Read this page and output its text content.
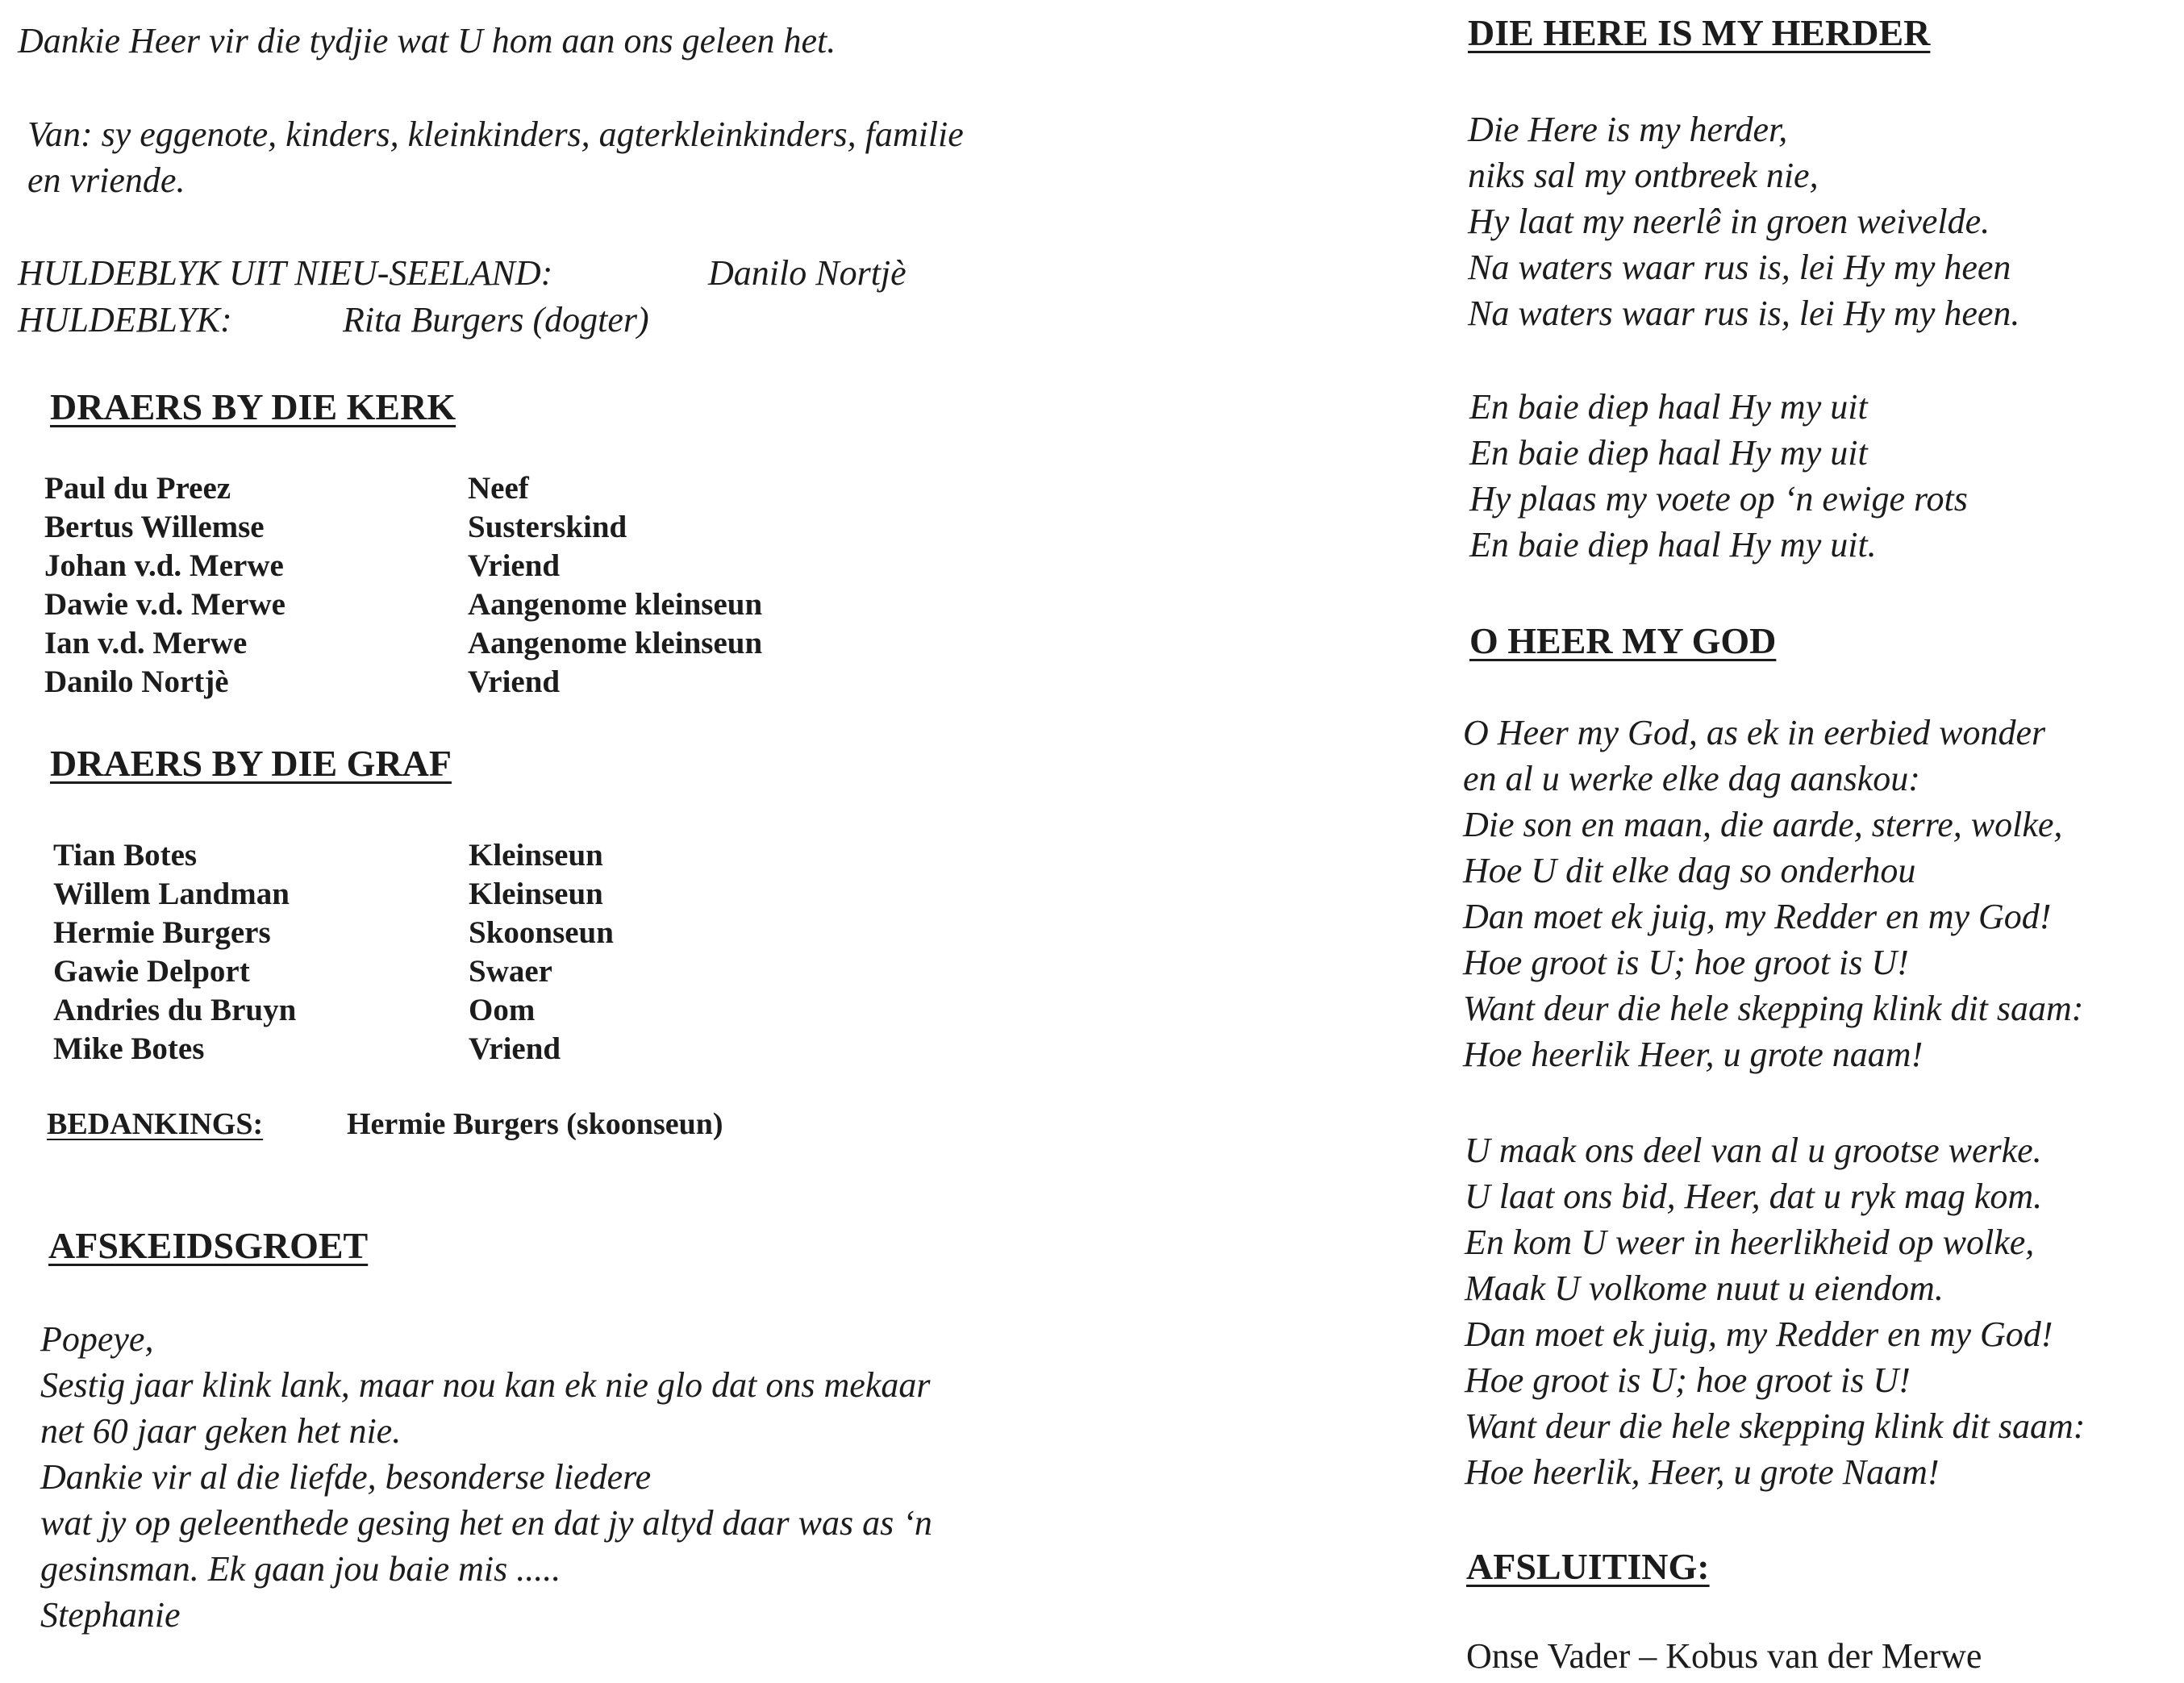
Dankie Heer vir die tydjie wat U hom aan ons geleen het.
Van: sy eggenote, kinders, kleinkinders, agterkleinkinders, familie
en vriende.
HULDEBLYK UIT NIEU-SEELAND:	Danilo Nortjè
HULDEBLYK:	Rita Burgers (dogter)
DRAERS BY DIE KERK
Paul du Preez	Neef
Bertus Willemse	Susterskind
Johan v.d. Merwe	Vriend
Dawie v.d. Merwe	Aangenome kleinseun
Ian v.d. Merwe	Aangenome kleinseun
Danilo Nortjè	Vriend
DRAERS BY DIE GRAF
Tian Botes	Kleinseun
Willem Landman	Kleinseun
Hermie Burgers	Skoonseun
Gawie Delport	Swaer
Andries du Bruyn	Oom
Mike Botes	Vriend
BEDANKINGS:	Hermie Burgers (skoonseun)
AFSKEIDSGROET
Popeye,
Sestig jaar klink lank, maar nou kan ek nie glo dat ons mekaar
net 60 jaar geken het nie.
Dankie vir al die liefde, besonderse liedere
wat jy op geleenthede gesing het en dat jy altyd daar was as ‘n
gesinsman. Ek gaan jou baie mis .....
Stephanie
DIE HERE IS MY HERDER
Die Here is my herder,
niks sal my ontbreek nie,
Hy laat my neerlê in groen weivelde.
Na waters waar rus is, lei Hy my heen
Na waters waar rus is, lei Hy my heen.
En baie diep haal Hy my uit
En baie diep haal Hy my uit
Hy plaas my voete op ‘n ewige rots
En baie diep haal Hy my uit.
O HEER MY GOD
O Heer my God, as ek in eerbied wonder
en al u werke elke dag aanskou:
Die son en maan, die aarde, sterre, wolke,
Hoe U dit elke dag so onderhou
Dan moet ek juig, my Redder en my God!
Hoe groot is U; hoe groot is U!
Want deur die hele skepping klink dit saam:
Hoe heerlik Heer, u grote naam!
U maak ons deel van al u grootse werke.
U laat ons bid, Heer, dat u ryk mag kom.
En kom U weer in heerlikheid op wolke,
Maak U volkome nuut u eiendom.
Dan moet ek juig, my Redder en my God!
Hoe groot is U; hoe groot is U!
Want deur die hele skepping klink dit saam:
Hoe heerlik, Heer, u grote Naam!
AFSLUITING:
Onse Vader – Kobus van der Merwe
